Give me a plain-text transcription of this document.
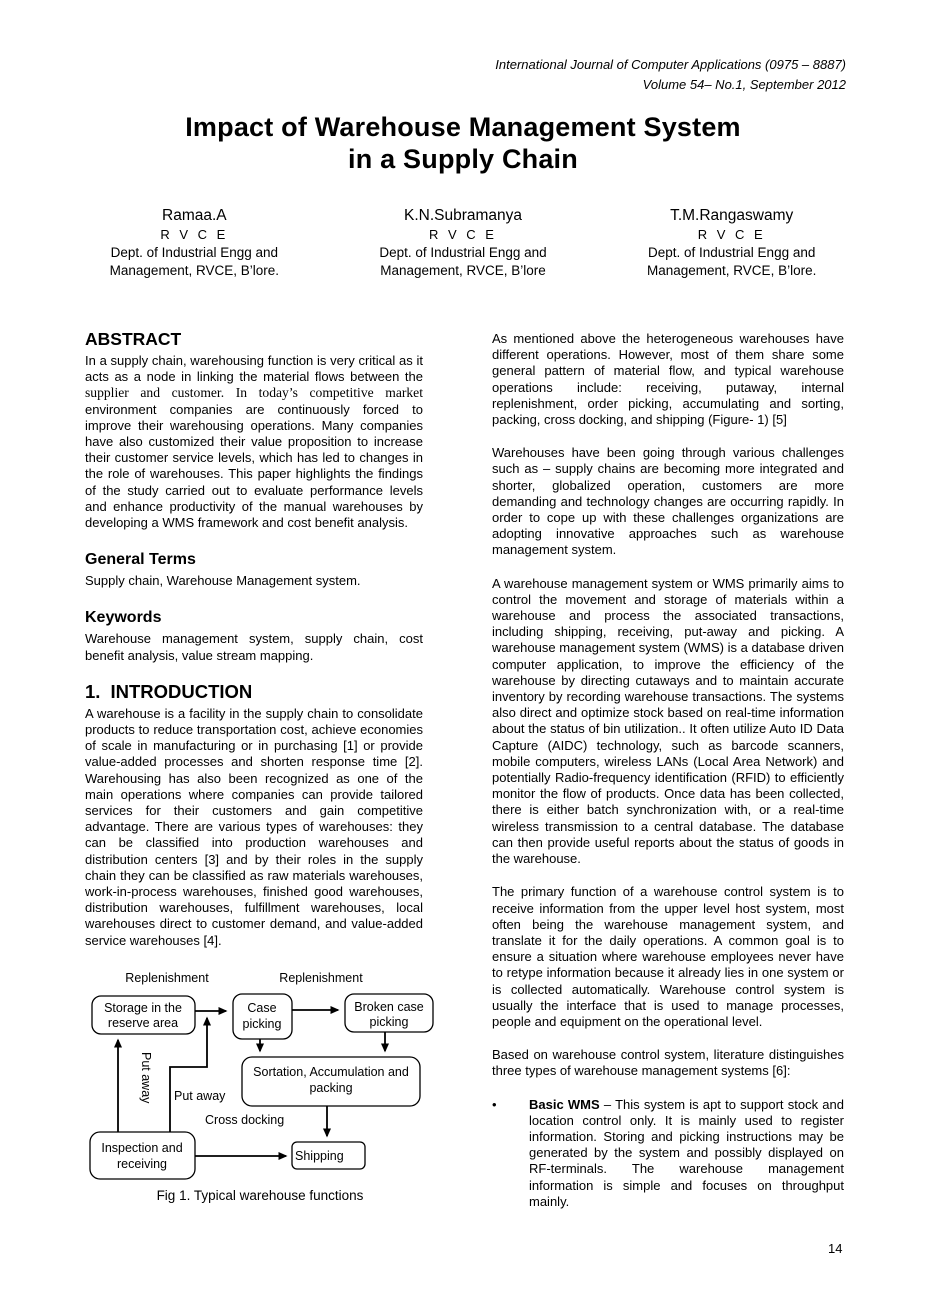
International Journal of Computer Applications (0975 – 8887)
Volume 54– No.1, September 2012
Impact of Warehouse Management System
in a Supply Chain
Ramaa.A
R V C E
Dept. of Industrial Engg and
Management, RVCE, B’lore.
K.N.Subramanya
R V C E
Dept. of Industrial Engg and
Management, RVCE, B’lore
T.M.Rangaswamy
R V C E
Dept. of Industrial Engg and
Management, RVCE, B’lore.
ABSTRACT

In a supply chain, warehousing function is very critical as it acts as a node in linking the material flows between the supplier and customer. In today’s competitive market environment companies are continuously forced to improve their warehousing operations. Many companies have also customized their value proposition to increase their customer service levels, which has led to changes in the role of warehouses. This paper highlights the findings of the study carried out to evaluate performance levels and enhance productivity of the manual warehouses by developing a WMS framework and cost benefit analysis.

General Terms

Supply chain, Warehouse Management system.

Keywords

Warehouse management system, supply chain, cost benefit analysis, value stream mapping.

1. INTRODUCTION

A warehouse is a facility in the supply chain to consolidate products to reduce transportation cost, achieve economies of scale in manufacturing or in purchasing [1] or provide value-added processes and shorten response time [2]. Warehousing has also been recognized as one of the main operations where companies can provide tailored services for their customers and gain competitive advantage. There are various types of warehouses: they can be classified into production warehouses and distribution centers [3] and by their roles in the supply chain they can be classified as raw materials warehouses, work-in-process warehouses, finished good warehouses, distribution warehouses, fulfillment warehouses, local warehouses direct to customer demand, and value-added service warehouses [4].

Storage in the
reserve area
Case
picking
Broken case
picking
Sortation, Accumulation and
packing
Inspection and
receiving
Shipping
Replenishment	Replenishment
Put away Put away
Cross docking
Fig 1. Typical warehouse functions

As mentioned above the heterogeneous warehouses have different operations. However, most of them share some general pattern of material flow, and typical warehouse operations include: receiving, putaway, internal replenishment, order picking, accumulating and sorting, packing, cross docking, and shipping (Figure- 1) [5]

Warehouses have been going through various challenges such as – supply chains are becoming more integrated and shorter, globalized operation, customers are more demanding and technology changes are occurring rapidly. In order to cope up with these challenges organizations are adopting innovative approaches such as warehouse management system.

A warehouse management system or WMS primarily aims to control the movement and storage of materials within a warehouse and process the associated transactions, including shipping, receiving, put-away and picking. A warehouse management system (WMS) is a database driven computer application, to improve the efficiency of the warehouse by directing cutaways and to maintain accurate inventory by recording warehouse transactions. The systems also direct and optimize stock based on real-time information about the status of bin utilization.. It often utilize Auto ID Data Capture (AIDC) technology, such as barcode scanners, mobile computers, wireless LANs (Local Area Network) and potentially Radio-frequency identification (RFID) to efficiently monitor the flow of products. Once data has been collected, there is either batch synchronization with, or a real-time wireless transmission to a central database. The database can then provide useful reports about the status of goods in the warehouse.

The primary function of a warehouse control system is to receive information from the upper level host system, most often being the warehouse management system, and translate it for the daily operations. A common goal is to ensure a situation where warehouse employees never have to retype information because it already lies in one system or is collected automatically. Warehouse control system is usually the interface that is used to manage processes, people and equipment on the operational level.

Based on warehouse control system, literature distinguishes three types of warehouse management systems [6]:

•	Basic WMS – This system is apt to support stock and location control only. It is mainly used to register information. Storing and picking instructions may be generated by the system and possibly displayed on RF-terminals. The warehouse management information is simple and focuses on throughput mainly.
14
